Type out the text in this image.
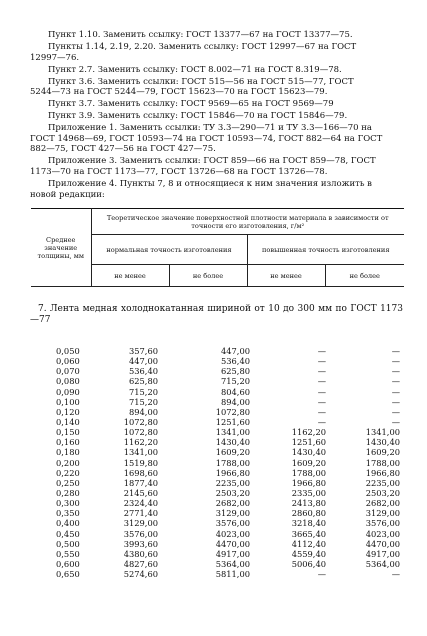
Пункт 1.10. Заменить ссылку: ГОСТ 13377—67 на ГОСТ 13377—75.
Пункты 1.14, 2.19, 2.20. Заменить ссылку: ГОСТ 12997—67 на ГОСТ
12997—76.
Пункт 2.7. Заменить ссылку: ГОСТ 8.002—71 на ГОСТ 8.319—78.
Пункт 3.6. Заменить ссылки: ГОСТ 515—56 на ГОСТ 515—77, ГОСТ
5244—73 на ГОСТ 5244—79, ГОСТ 15623—70 на ГОСТ 15623—79.
Пункт 3.7. Заменить ссылку: ГОСТ 9569—65 на ГОСТ 9569—79
Пункт 3.9. Заменить ссылку: ГОСТ 15846—70 на ГОСТ 15846—79.
Приложение 1. Заменить ссылки: ТУ 3.3—290—71 и ТУ 3.3—166—70 на
ГОСТ 14968—69, ГОСТ 10593—74 на ГОСТ 10593—74, ГОСТ 882—64 на ГОСТ
882—75, ГОСТ 427—56 на ГОСТ 427—75.
Приложение 3. Заменить ссылки: ГОСТ 859—66 на ГОСТ 859—78, ГОСТ
1173—70 на ГОСТ 1173—77, ГОСТ 13726—68 на ГОСТ 13726—78.
Приложение 4. Пункты 7, 8 и относящиеся к ним значения изложить в
новой редакции:
Среднее значение толщины, мм	Теоретическое значение поверхностной плотности материала в зависимости от точности его изготовления, г/м²			
	нормальная точность изготовления		повышенная точность изготовления	
	не менее	не более	не менее	не более
7. Лента медная холоднокатанная шириной от 10 до 300 мм по ГОСТ 1173—77
0,050	357,60	447,00	—	—
0,060	447,00	536,40	—	—
0,070	536,40	625,80	—	—
0,080	625,80	715,20	—	—
0,090	715,20	804,60	—	—
0,100	715,20	894,00	—	—
0,120	894,00	1072,80	—	—
0,140	1072,80	1251,60	—	—
0,150	1072,80	1341,00	1162,20	1341,00
0,160	1162,20	1430,40	1251,60	1430,40
0,180	1341,00	1609,20	1430,40	1609,20
0,200	1519,80	1788,00	1609,20	1788,00
0,220	1698,60	1966,80	1788,00	1966,80
0,250	1877,40	2235,00	1966,80	2235,00
0,280	2145,60	2503,20	2335,00	2503,20
0,300	2324,40	2682,00	2413,80	2682,00
0,350	2771,40	3129,00	2860,80	3129,00
0,400	3129,00	3576,00	3218,40	3576,00
0,450	3576,00	4023,00	3665,40	4023,00
0,500	3993,60	4470,00	4112,40	4470,00
0,550	4380,60	4917,00	4559,40	4917,00
0,600	4827,60	5364,00	5006,40	5364,00
0,650	5274,60	5811,00	—	—
